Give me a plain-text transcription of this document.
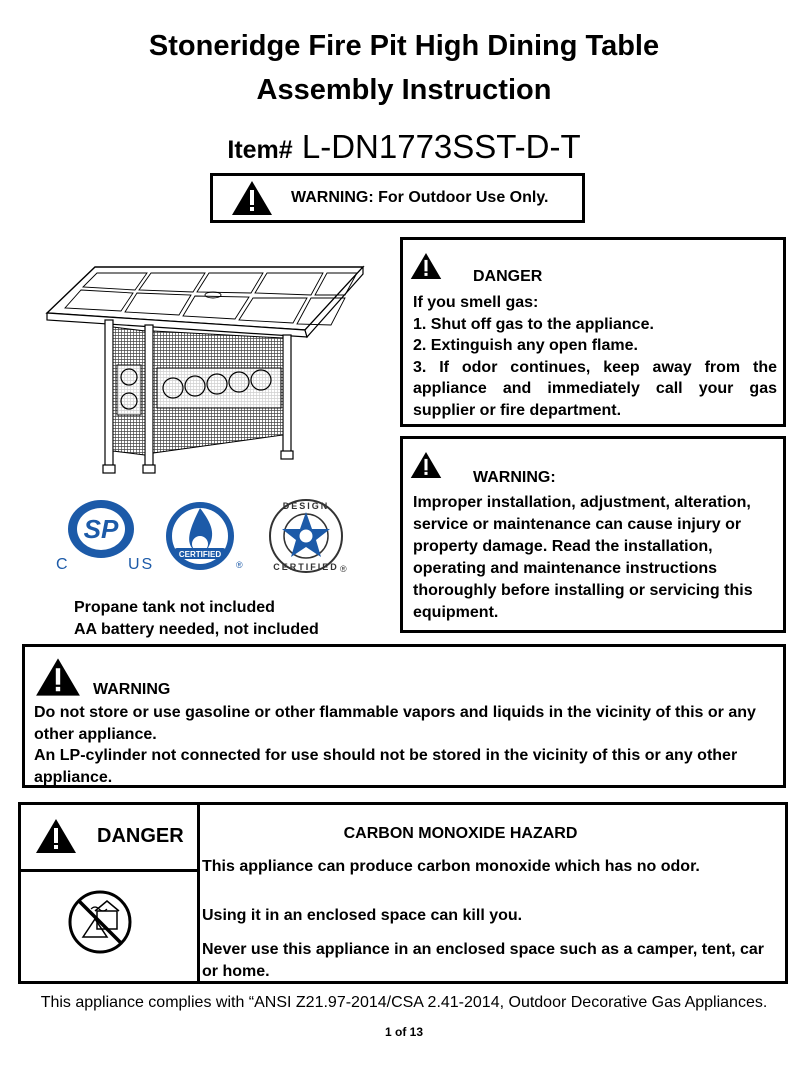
Stoneridge Fire Pit High Dining Table
Assembly Instruction
Item# L-DN1773SST-D-T
WARNING: For Outdoor Use Only.
SP
C	US
CERTIFIED
®
DESIGN
CERTIFIED ®
Propane tank not included
AA battery needed, not included
DANGER
If you smell gas:
1. Shut off gas to the appliance.
2. Extinguish any open flame.
3. If odor continues, keep away from the appliance and immediately call your gas supplier or fire department.
WARNING:
Improper installation, adjustment, alteration, service or maintenance can cause injury or property damage. Read the installation, operating and maintenance instructions thoroughly before installing or servicing this equipment.
WARNING
Do not store or use gasoline or other flammable vapors and liquids in the vicinity of this or any other appliance.
An LP-cylinder not connected for use should not be stored in the vicinity of this or any other appliance.
DANGER	CARBON MONOXIDE HAZARD
This appliance can produce carbon monoxide which has no odor.
Using it in an enclosed space can kill you.
Never use this appliance in an enclosed space such as a camper, tent, car or home.
This appliance complies with “ANSI Z21.97-2014/CSA 2.41-2014, Outdoor Decorative Gas Appliances.
1 of 13
